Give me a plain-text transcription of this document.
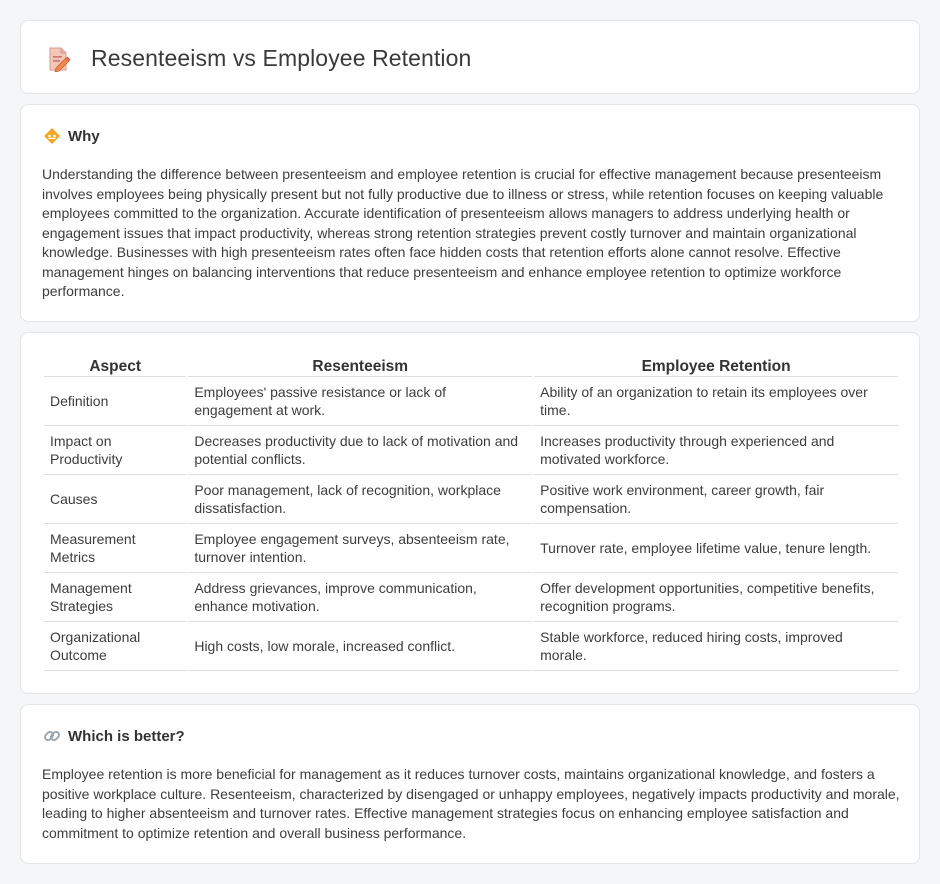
Resenteeism vs Employee Retention
Why

Understanding the difference between presenteeism and employee retention is crucial for effective management because presenteeism involves employees being physically present but not fully productive due to illness or stress, while retention focuses on keeping valuable employees committed to the organization. Accurate identification of presenteeism allows managers to address underlying health or engagement issues that impact productivity, whereas strong retention strategies prevent costly turnover and maintain organizational knowledge. Businesses with high presenteeism rates often face hidden costs that retention efforts alone cannot resolve. Effective management hinges on balancing interventions that reduce presenteeism and enhance employee retention to optimize workforce performance.

Aspect	Resenteeism	Employee Retention
Definition	Employees' passive resistance or lack of engagement at work.	Ability of an organization to retain its employees over time.
Impact on Productivity	Decreases productivity due to lack of motivation and potential conflicts.	Increases productivity through experienced and motivated workforce.
Causes	Poor management, lack of recognition, workplace dissatisfaction.	Positive work environment, career growth, fair compensation.
Measurement Metrics	Employee engagement surveys, absenteeism rate, turnover intention.	Turnover rate, employee lifetime value, tenure length.
Management Strategies	Address grievances, improve communication, enhance motivation.	Offer development opportunities, competitive benefits, recognition programs.
Organizational Outcome	High costs, low morale, increased conflict.	Stable workforce, reduced hiring costs, improved morale.
Which is better?

Employee retention is more beneficial for management as it reduces turnover costs, maintains organizational knowledge, and fosters a positive workplace culture. Resenteeism, characterized by disengaged or unhappy employees, negatively impacts productivity and morale, leading to higher absenteeism and turnover rates. Effective management strategies focus on enhancing employee satisfaction and commitment to optimize retention and overall business performance.
